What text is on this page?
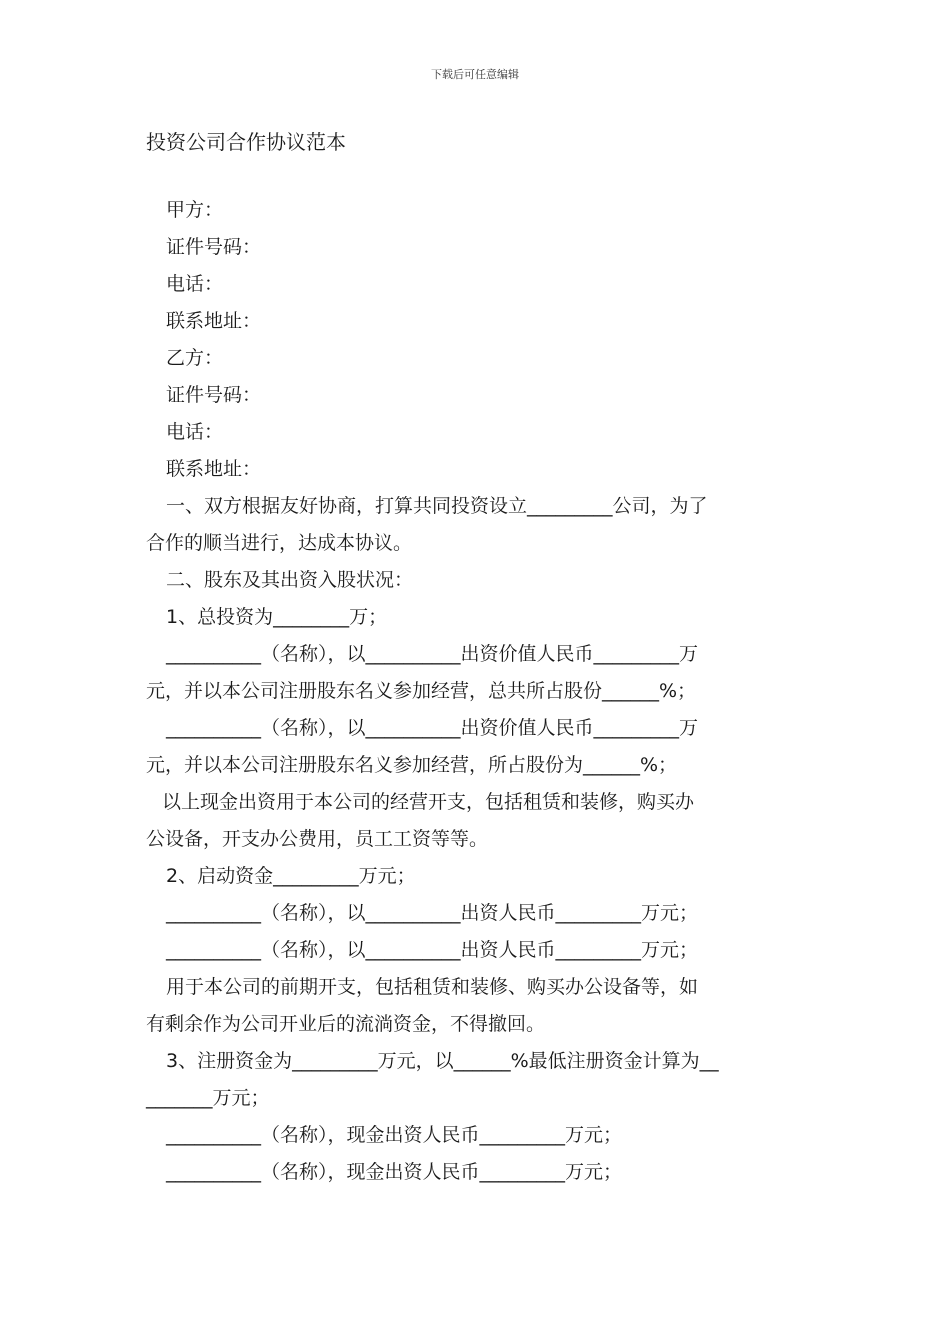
下载后可任意编辑
投资公司合作协议范本
甲方：
证件号码：
电话：
联系地址：
乙方：
证件号码：
电话：
联系地址：
一、双方根据友好协商，打算共同投资设立_________公司，为了
合作的顺当进行，达成本协议。
二、股东及其出资入股状况：
1、总投资为________万；
__________（名称），以__________出资价值人民币_________万
元，并以本公司注册股东名义参加经营，总共所占股份______%；
__________（名称），以__________出资价值人民币_________万
元，并以本公司注册股东名义参加经营，所占股份为______%；
以上现金出资用于本公司的经营开支，包括租赁和装修，购买办
公设备，开支办公费用，员工工资等等。
2、启动资金_________万元；
__________（名称），以__________出资人民币_________万元；
__________（名称），以__________出资人民币_________万元；
用于本公司的前期开支，包括租赁和装修、购买办公设备等，如
有剩余作为公司开业后的流淌资金，不得撤回。
3、注册资金为_________万元，以______%最低注册资金计算为__
_______万元；
__________（名称），现金出资人民币_________万元；
__________（名称），现金出资人民币_________万元；
